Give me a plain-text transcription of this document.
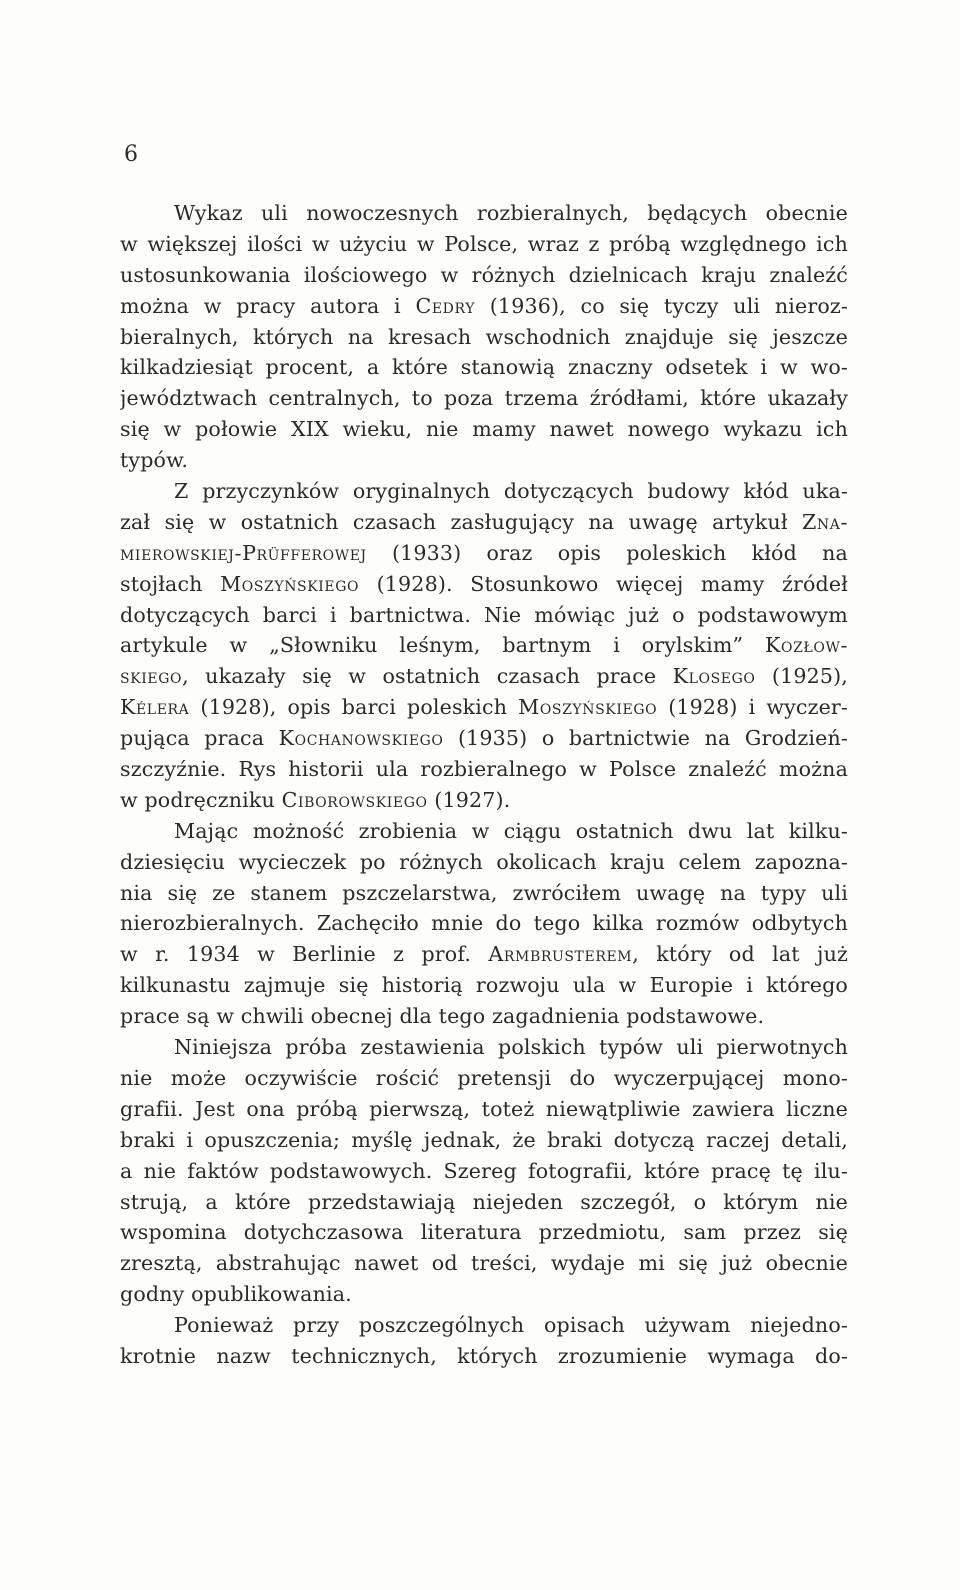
6
Wykaz uli nowoczesnych rozbieralnych, będących obecnie
w większej ilości w użyciu w Polsce, wraz z próbą względnego ich
ustosunkowania ilościowego w różnych dzielnicach kraju znaleźć
można w pracy autora i Cedry (1936), co się tyczy uli nieroz-
bieralnych, których na kresach wschodnich znajduje się jeszcze
kilkadziesiąt procent, a które stanowią znaczny odsetek i w wo-
jewództwach centralnych, to poza trzema źródłami, które ukazały
się w połowie XIX wieku, nie mamy nawet nowego wykazu ich
typów.
Z przyczynków oryginalnych dotyczących budowy kłód uka-
zał się w ostatnich czasach zasługujący na uwagę artykuł Zna-
mierowskiej-Prüfferowej (1933) oraz opis poleskich kłód na
stojłach Moszyńskiego (1928). Stosunkowo więcej mamy źródeł
dotyczących barci i bartnictwa. Nie mówiąc już o podstawowym
artykule w „Słowniku leśnym, bartnym i orylskim” Kozłow-
skiego, ukazały się w ostatnich czasach prace Klosego (1925),
Kélera (1928), opis barci poleskich Moszyńskiego (1928) i wyczer-
pująca praca Kochanowskiego (1935) o bartnictwie na Grodzień-
szczyźnie. Rys historii ula rozbieralnego w Polsce znaleźć można
w podręczniku Ciborowskiego (1927).
Mając możność zrobienia w ciągu ostatnich dwu lat kilku-
dziesięciu wycieczek po różnych okolicach kraju celem zapozna-
nia się ze stanem pszczelarstwa, zwróciłem uwagę na typy uli
nierozbieralnych. Zachęciło mnie do tego kilka rozmów odbytych
w r. 1934 w Berlinie z prof. Armbrusterem, który od lat już
kilkunastu zajmuje się historią rozwoju ula w Europie i którego
prace są w chwili obecnej dla tego zagadnienia podstawowe.
Niniejsza próba zestawienia polskich typów uli pierwotnych
nie może oczywiście rościć pretensji do wyczerpującej mono-
grafii. Jest ona próbą pierwszą, toteż niewątpliwie zawiera liczne
braki i opuszczenia; myślę jednak, że braki dotyczą raczej detali,
a nie faktów podstawowych. Szereg fotografii, które pracę tę ilu-
strują, a które przedstawiają niejeden szczegół, o którym nie
wspomina dotychczasowa literatura przedmiotu, sam przez się
zresztą, abstrahując nawet od treści, wydaje mi się już obecnie
godny opublikowania.
Ponieważ przy poszczególnych opisach używam niejedno-
krotnie nazw technicznych, których zrozumienie wymaga do-
